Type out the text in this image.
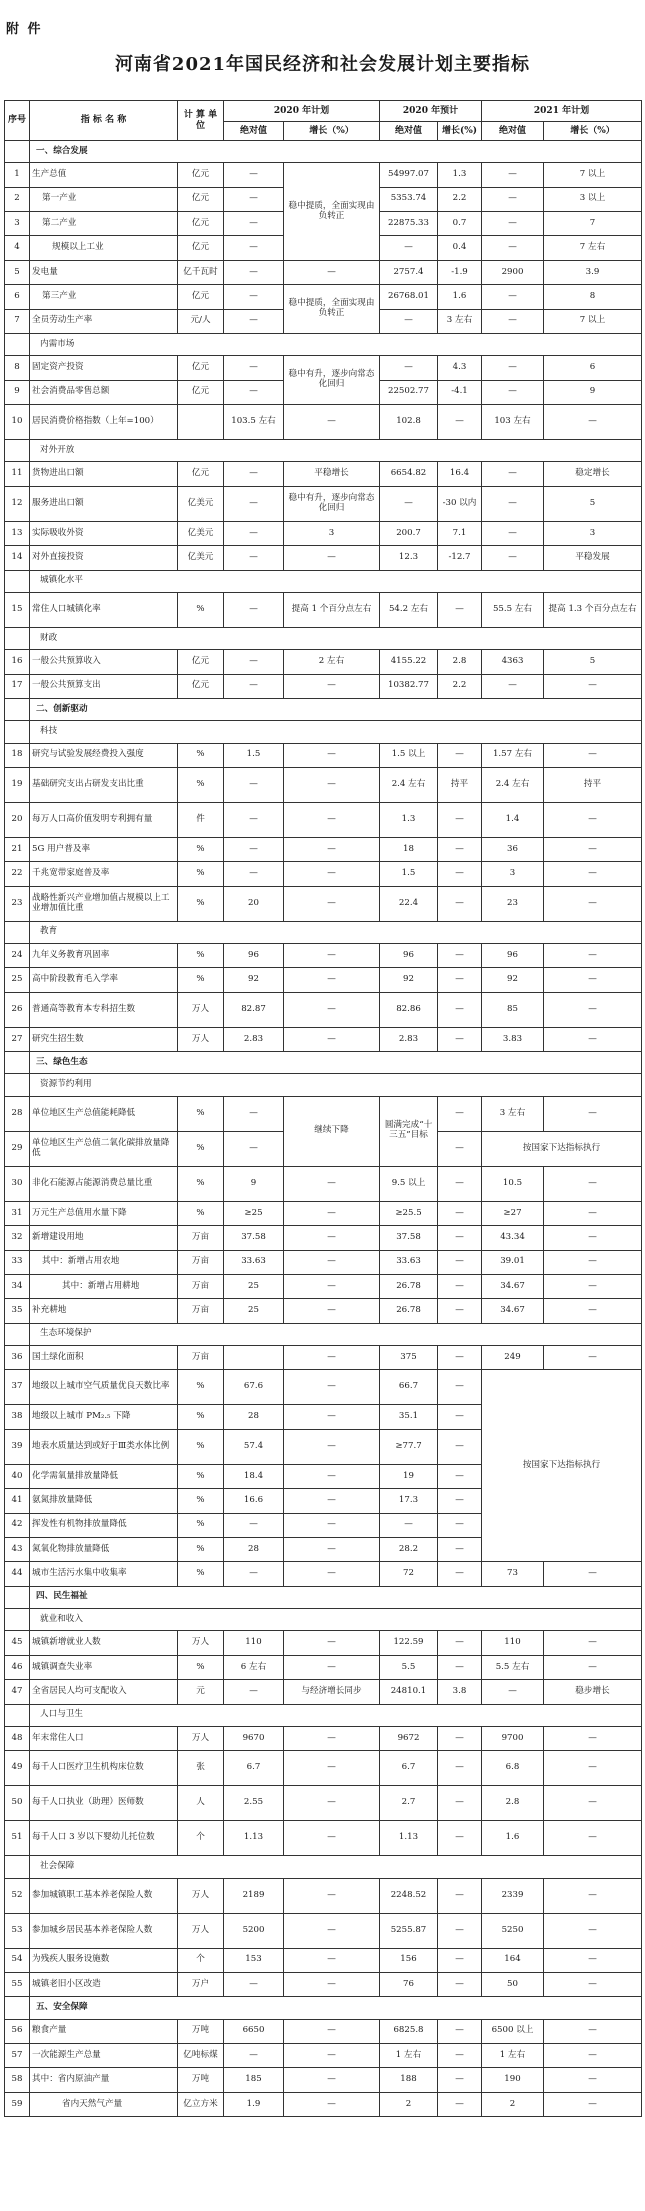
附 件
河南省2021年国民经济和社会发展计划主要指标
序号	指 标 名 称	计 算 单 位	2020 年计划		2020 年预计		2021 年计划	
			绝对值	增长（%）	绝对值	增长(%)	绝对值	增长（%）
	一、综合发展							
1	生产总值	亿元	—	稳中提质，全面实现由负转正	54997.07	1.3	—	7 以上
2	第一产业	亿元	—		5353.74	2.2	—	3 以上
3	第二产业	亿元	—		22875.33	0.7	—	7
4	规模以上工业	亿元	—		—	0.4	—	7 左右
5	发电量	亿千瓦时	—	—	2757.4	-1.9	2900	3.9
6	第三产业	亿元	—	稳中提质，全面实现由负转正	26768.01	1.6	—	8
7	全员劳动生产率	元/人	—		—	3 左右	—	7 以上
	内需市场							
8	固定资产投资	亿元	—	稳中有升，逐步向常态化回归	—	4.3	—	6
9	社会消费品零售总额	亿元	—		22502.77	-4.1	—	9
10	居民消费价格指数（上年=100）		103.5 左右	—	102.8	—	103 左右	—
	对外开放							
11	货物进出口额	亿元	—	平稳增长	6654.82	16.4	—	稳定增长
12	服务进出口额	亿美元	—	稳中有升，逐步向常态化回归	—	-30 以内	—	5
13	实际吸收外资	亿美元	—	3	200.7	7.1	—	3
14	对外直接投资	亿美元	—	—	12.3	-12.7	—	平稳发展
	城镇化水平							
15	常住人口城镇化率	%	—	提高 1 个百分点左右	54.2 左右	—	55.5 左右	提高 1.3 个百分点左右
	财政							
16	一般公共预算收入	亿元	—	2 左右	4155.22	2.8	4363	5
17	一般公共预算支出	亿元	—	—	10382.77	2.2	—	—
	二、创新驱动							
	科技							
18	研究与试验发展经费投入强度	%	1.5	—	1.5 以上	—	1.57 左右	—
19	基础研究支出占研发支出比重	%	—	—	2.4 左右	持平	2.4 左右	持平
20	每万人口高价值发明专利拥有量	件	—	—	1.3	—	1.4	—
21	5G 用户普及率	%	—	—	18	—	36	—
22	千兆宽带家庭普及率	%	—	—	1.5	—	3	—
23	战略性新兴产业增加值占规模以上工业增加值比重	%	20	—	22.4	—	23	—
	教育							
24	九年义务教育巩固率	%	96	—	96	—	96	—
25	高中阶段教育毛入学率	%	92	—	92	—	92	—
26	普通高等教育本专科招生数	万人	82.87	—	82.86	—	85	—
27	研究生招生数	万人	2.83	—	2.83	—	3.83	—
	三、绿色生态							
	资源节约利用							
28	单位地区生产总值能耗降低	%	—	继续下降	圆满完成“十三五”目标	—	3 左右	—
29	单位地区生产总值二氧化碳排放量降低	%	—			—	按国家下达指标执行	
30	非化石能源占能源消费总量比重	%	9	—	9.5 以上	—	10.5	—
31	万元生产总值用水量下降	%	≥25	—	≥25.5	—	≥27	—
32	新增建设用地	万亩	37.58	—	37.58	—	43.34	—
33	其中：新增占用农地	万亩	33.63	—	33.63	—	39.01	—
34	其中：新增占用耕地	万亩	25	—	26.78	—	34.67	—
35	补充耕地	万亩	25	—	26.78	—	34.67	—
	生态环境保护							
36	国土绿化面积	万亩		—	375	—	249	—
37	地级以上城市空气质量优良天数比率	%	67.6	—	66.7	—	按国家下达指标执行	
38	地级以上城市 PM₂.₅ 下降	%	28	—	35.1	—		
39	地表水质量达到或好于Ⅲ类水体比例	%	57.4	—	≥77.7	—		
40	化学需氧量排放量降低	%	18.4	—	19	—		
41	氨氮排放量降低	%	16.6	—	17.3	—		
42	挥发性有机物排放量降低	%	—	—	—	—		
43	氮氧化物排放量降低	%	28	—	28.2	—		
44	城市生活污水集中收集率	%	—	—	72	—	73	—
	四、民生福祉							
	就业和收入							
45	城镇新增就业人数	万人	110	—	122.59	—	110	—
46	城镇调查失业率	%	6 左右	—	5.5	—	5.5 左右	—
47	全省居民人均可支配收入	元	—	与经济增长同步	24810.1	3.8	—	稳步增长
	人口与卫生							
48	年末常住人口	万人	9670	—	9672	—	9700	—
49	每千人口医疗卫生机构床位数	张	6.7	—	6.7	—	6.8	—
50	每千人口执业（助理）医师数	人	2.55	—	2.7	—	2.8	—
51	每千人口 3 岁以下婴幼儿托位数	个	1.13	—	1.13	—	1.6	—
	社会保障							
52	参加城镇职工基本养老保险人数	万人	2189	—	2248.52	—	2339	—
53	参加城乡居民基本养老保险人数	万人	5200	—	5255.87	—	5250	—
54	为残疾人服务设施数	个	153	—	156	—	164	—
55	城镇老旧小区改造	万户	—	—	76	—	50	—
	五、安全保障							
56	粮食产量	万吨	6650	—	6825.8	—	6500 以上	—
57	一次能源生产总量	亿吨标煤	—	—	1 左右	—	1 左右	—
58	其中：省内原油产量	万吨	185	—	188	—	190	—
59	省内天然气产量	亿立方米	1.9	—	2	—	2	—
